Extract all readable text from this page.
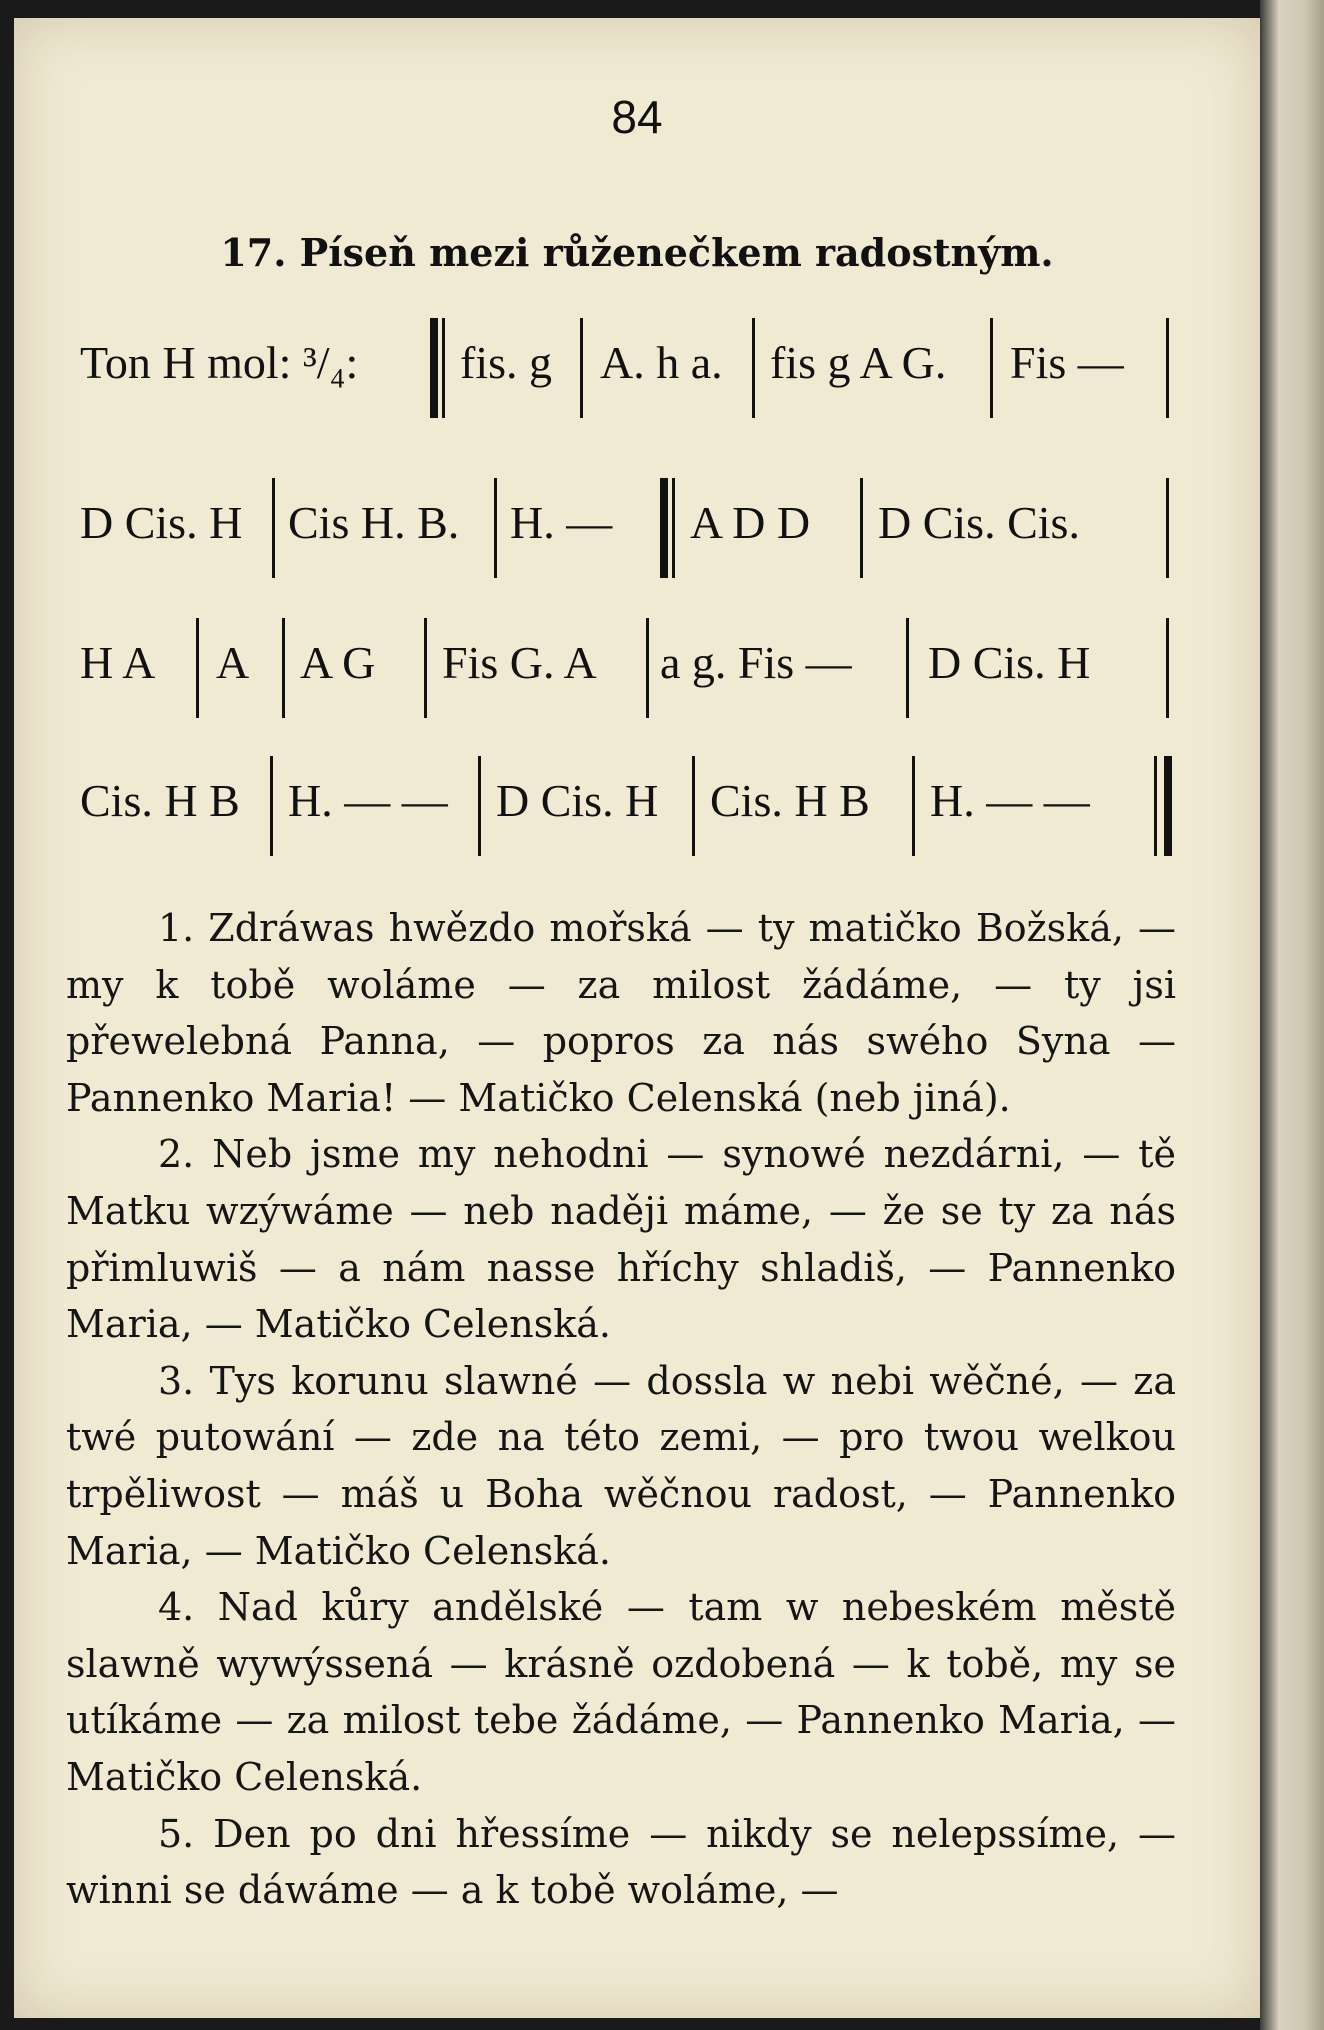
84
17. Píseň mezi růženečkem radostným.
Ton H mol: ³/₄: fis. g A. h a. fis g A G. Fis —
D Cis. H Cis H. B. H. — A D D D Cis. Cis.
H A A A G Fis G. A a g. Fis — D Cis. H
Cis. H B H. — — D Cis. H Cis. H B H. — —

1. Zdráwas hwězdo mořská — ty matičko Božská, — my k tobě woláme — za milost žádáme, — ty jsi přewelebná Panna, — popros za nás swého Syna — Pannenko Maria! — Matičko Celenská (neb jiná).

2. Neb jsme my nehodni — synowé nezdárni, — tě Matku wzýwáme — neb naději máme, — že se ty za nás přimluwiš — a nám nasse hříchy shladiš, — Pannenko Maria, — Matičko Celenská.

3. Tys korunu slawné — dossla w nebi wěčné, — za twé putowání — zde na této zemi, — pro twou welkou trpěliwost — máš u Boha wěčnou radost, — Pannenko Maria, — Matičko Celenská.

4. Nad kůry andělské — tam w nebeském městě slawně wywýssená — krásně ozdobená — k tobě, my se utíkáme — za milost tebe žádáme, — Pannenko Maria, — Matičko Celenská.

5. Den po dni hřessíme — nikdy se nelepssíme, — winni se dáwáme — a k tobě woláme, —
